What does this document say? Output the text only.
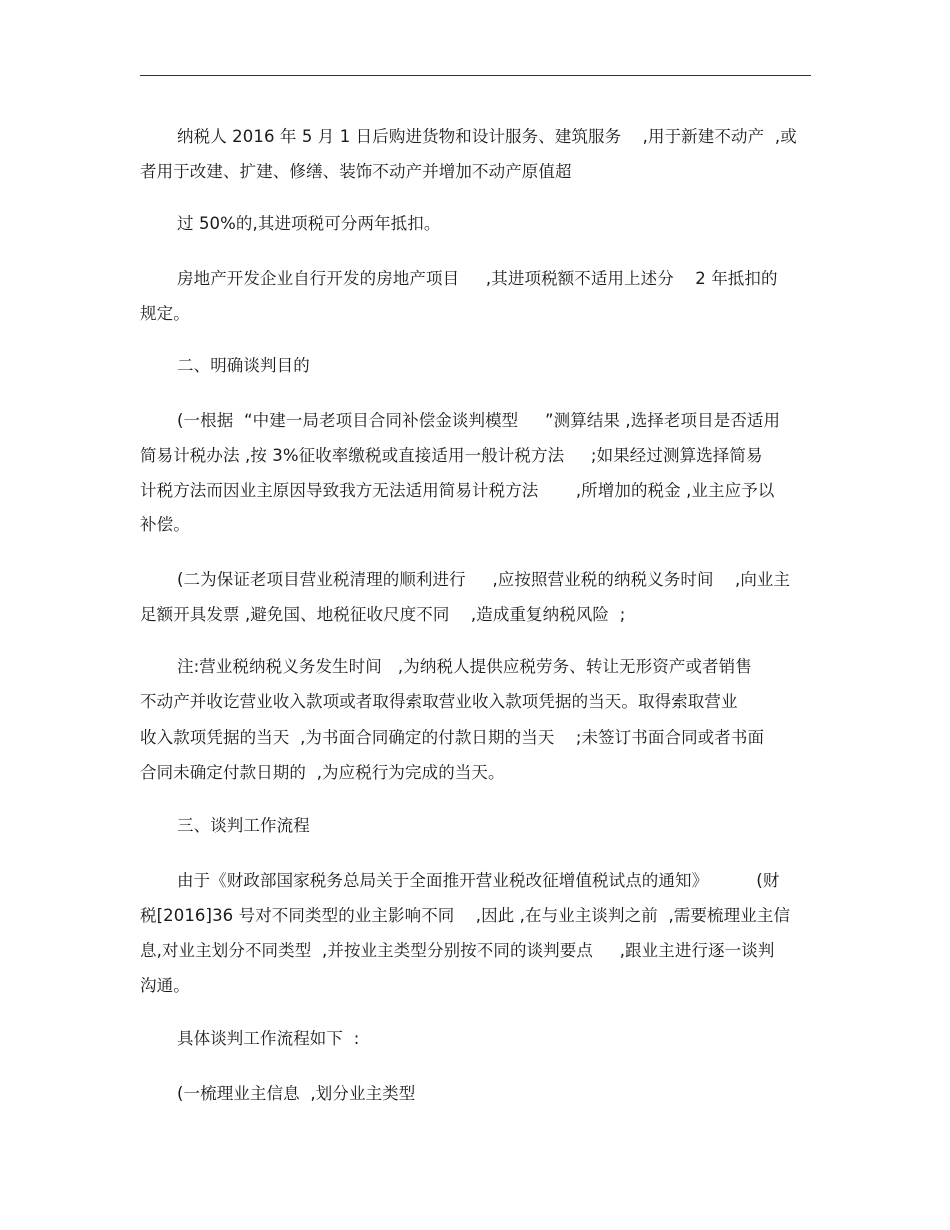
纳税人 2016 年 5 月 1 日后购进货物和设计服务、建筑服务    ,用于新建不动产  ,或
者用于改建、扩建、修缮、装饰不动产并增加不动产原值超
过 50%的,其进项税可分两年抵扣。
房地产开发企业自行开发的房地产项目     ,其进项税额不适用上述分    2 年抵扣的
规定。
二、明确谈判目的
(一根据  “中建一局老项目合同补偿金谈判模型     ”测算结果 ,选择老项目是否适用
简易计税办法 ,按 3%征收率缴税或直接适用一般计税方法     ;如果经过测算选择简易
计税方法而因业主原因导致我方无法适用简易计税方法       ,所增加的税金 ,业主应予以
补偿。
(二为保证老项目营业税清理的顺利进行     ,应按照营业税的纳税义务时间    ,向业主
足额开具发票 ,避免国、地税征收尺度不同    ,造成重复纳税风险  ;
注:营业税纳税义务发生时间   ,为纳税人提供应税劳务、转让无形资产或者销售
不动产并收讫营业收入款项或者取得索取营业收入款项凭据的当天。取得索取营业
收入款项凭据的当天  ,为书面合同确定的付款日期的当天    ;未签订书面合同或者书面
合同未确定付款日期的  ,为应税行为完成的当天。
三、谈判工作流程
由于《财政部国家税务总局关于全面推开营业税改征增值税试点的通知》         (财
税[2016]36 号对不同类型的业主影响不同    ,因此 ,在与业主谈判之前  ,需要梳理业主信
息,对业主划分不同类型  ,并按业主类型分别按不同的谈判要点     ,跟业主进行逐一谈判
沟通。
具体谈判工作流程如下  :
(一梳理业主信息  ,划分业主类型
